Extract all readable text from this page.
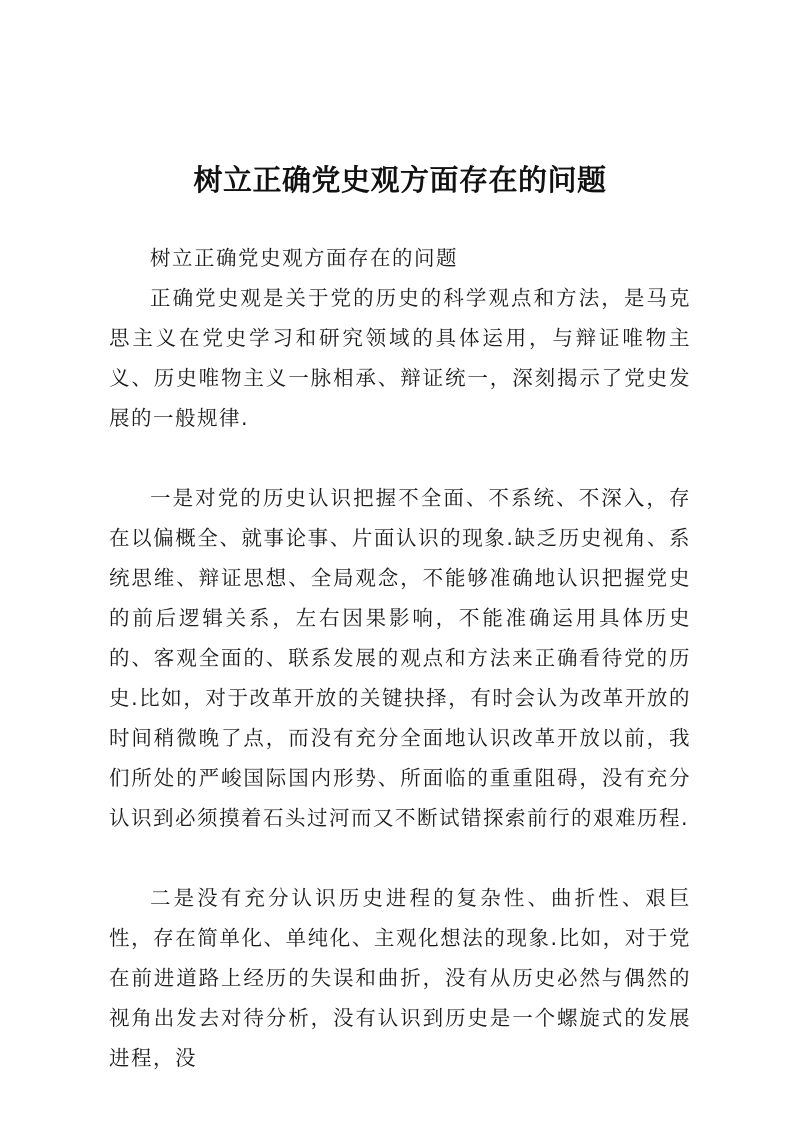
树立正确党史观方面存在的问题

树立正确党史观方面存在的问题

正确党史观是关于党的历史的科学观点和方法，是马克思主义在党史学习和研究领域的具体运用，与辩证唯物主义、历史唯物主义一脉相承、辩证统一，深刻揭示了党史发展的一般规律.

一是对党的历史认识把握不全面、不系统、不深入，存在以偏概全、就事论事、片面认识的现象.缺乏历史视角、系统思维、辩证思想、全局观念，不能够准确地认识把握党史的前后逻辑关系，左右因果影响，不能准确运用具体历史的、客观全面的、联系发展的观点和方法来正确看待党的历史.比如，对于改革开放的关键抉择，有时会认为改革开放的时间稍微晚了点，而没有充分全面地认识改革开放以前，我们所处的严峻国际国内形势、所面临的重重阻碍，没有充分认识到必须摸着石头过河而又不断试错探索前行的艰难历程.

二是没有充分认识历史进程的复杂性、曲折性、艰巨性，存在简单化、单纯化、主观化想法的现象.比如，对于党在前进道路上经历的失误和曲折，没有从历史必然与偶然的视角出发去对待分析，没有认识到历史是一个螺旋式的发展进程，没
